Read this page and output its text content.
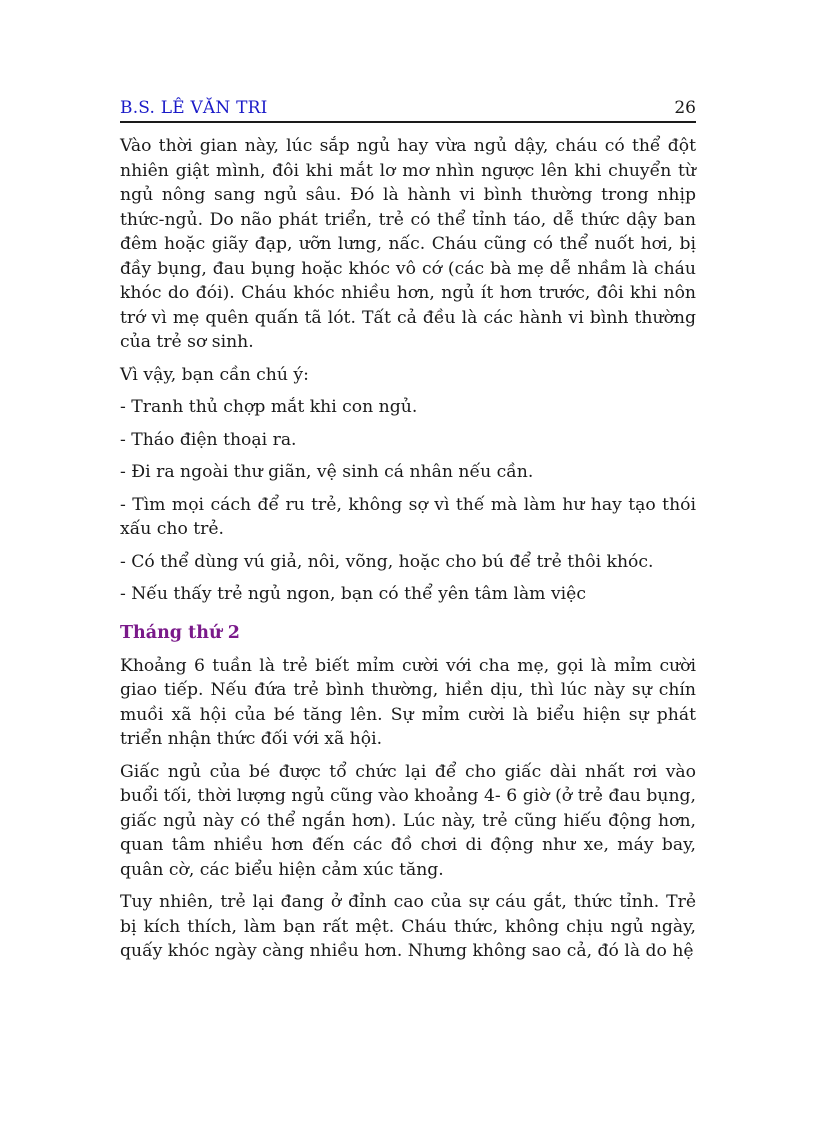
B.S. LÊ VĂN TRI	26

Vào thời gian này, lúc sắp ngủ hay vừa ngủ dậy, cháu có thể đột nhiên giật mình, đôi khi mắt lơ mơ nhìn ngược lên khi chuyển từ ngủ nông sang ngủ sâu. Đó là hành vi bình thường trong nhịp thức-ngủ. Do não phát triển, trẻ có thể tỉnh táo, dễ thức dậy ban đêm hoặc giãy đạp, ưỡn lưng, nấc. Cháu cũng có thể nuốt hơi, bị đầy bụng, đau bụng hoặc khóc vô cớ (các bà mẹ dễ nhầm là cháu khóc do đói). Cháu khóc nhiều hơn, ngủ ít hơn trước, đôi khi nôn trớ vì mẹ quên quấn tã lót. Tất cả đều là các hành vi bình thường của trẻ sơ sinh.

Vì vậy, bạn cần chú ý:

- Tranh thủ chợp mắt khi con ngủ.

- Tháo điện thoại ra.

- Đi ra ngoài thư giãn, vệ sinh cá nhân nếu cần.

- Tìm mọi cách để ru trẻ, không sợ vì thế mà làm hư hay tạo thói xấu cho trẻ.

- Có thể dùng vú giả, nôi, võng, hoặc cho bú để trẻ thôi khóc.

- Nếu thấy trẻ ngủ ngon, bạn có thể yên tâm làm việc

Tháng thứ 2

Khoảng 6 tuần là trẻ biết mỉm cười với cha mẹ, gọi là mỉm cười giao tiếp. Nếu đứa trẻ bình thường, hiền dịu, thì lúc này sự chín muồi xã hội của bé tăng lên. Sự mỉm cười là biểu hiện sự phát triển nhận thức đối với xã hội.

Giấc ngủ của bé được tổ chức lại để cho giấc dài nhất rơi vào buổi tối, thời lượng ngủ cũng vào khoảng 4- 6 giờ (ở trẻ đau bụng, giấc ngủ này có thể ngắn hơn). Lúc này, trẻ cũng hiếu động hơn, quan tâm nhiều hơn đến các đồ chơi di động như xe, máy bay, quân cờ, các biểu hiện cảm xúc tăng.

Tuy nhiên, trẻ lại đang ở đỉnh cao của sự cáu gắt, thức tỉnh. Trẻ bị kích thích, làm bạn rất mệt. Cháu thức, không chịu ngủ ngày, quấy khóc ngày càng nhiều hơn. Nhưng không sao cả, đó là do hệ
